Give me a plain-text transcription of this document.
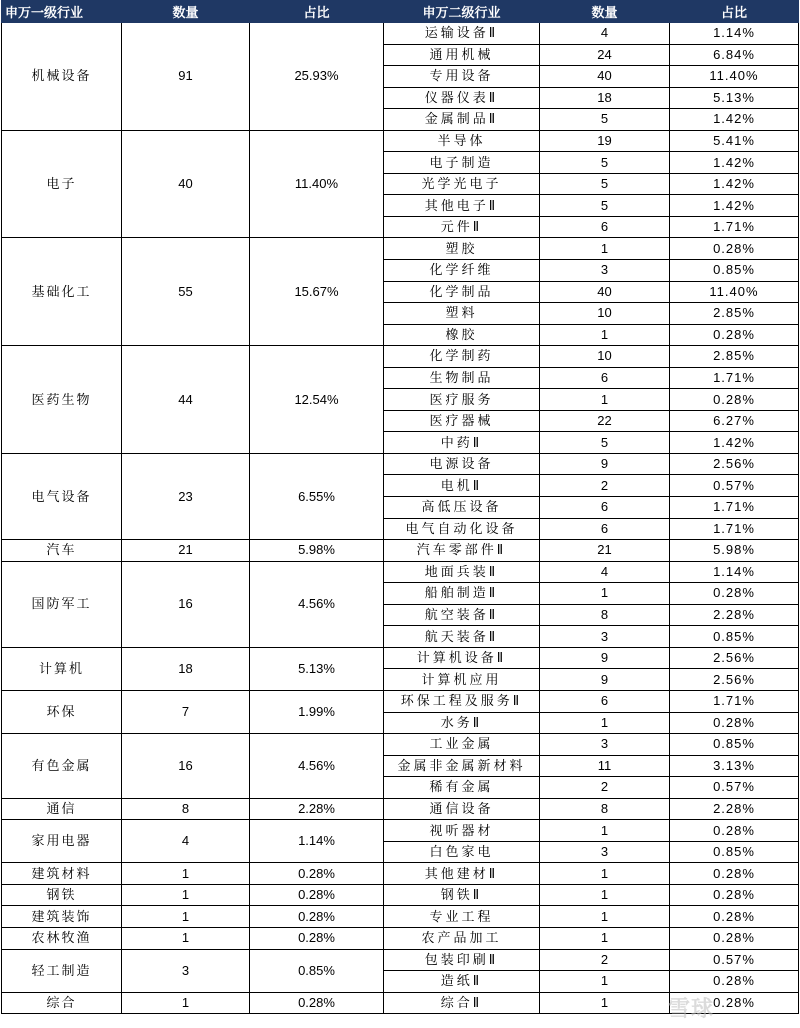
申万一级行业	数量	占比	申万二级行业	数量	占比
机械设备	91	25.93%	运输设备Ⅱ	4	1.14%
			通用机械	24	6.84%
			专用设备	40	11.40%
			仪器仪表Ⅱ	18	5.13%
			金属制品Ⅱ	5	1.42%
电子	40	11.40%	半导体	19	5.41%
			电子制造	5	1.42%
			光学光电子	5	1.42%
			其他电子Ⅱ	5	1.42%
			元件Ⅱ	6	1.71%
基础化工	55	15.67%	塑胶	1	0.28%
			化学纤维	3	0.85%
			化学制品	40	11.40%
			塑料	10	2.85%
			橡胶	1	0.28%
医药生物	44	12.54%	化学制药	10	2.85%
			生物制品	6	1.71%
			医疗服务	1	0.28%
			医疗器械	22	6.27%
			中药Ⅱ	5	1.42%
电气设备	23	6.55%	电源设备	9	2.56%
			电机Ⅱ	2	0.57%
			高低压设备	6	1.71%
			电气自动化设备	6	1.71%
汽车	21	5.98%	汽车零部件Ⅱ	21	5.98%
国防军工	16	4.56%	地面兵装Ⅱ	4	1.14%
			船舶制造Ⅱ	1	0.28%
			航空装备Ⅱ	8	2.28%
			航天装备Ⅱ	3	0.85%
计算机	18	5.13%	计算机设备Ⅱ	9	2.56%
			计算机应用	9	2.56%
环保	7	1.99%	环保工程及服务Ⅱ	6	1.71%
			水务Ⅱ	1	0.28%
有色金属	16	4.56%	工业金属	3	0.85%
			金属非金属新材料	11	3.13%
			稀有金属	2	0.57%
通信	8	2.28%	通信设备	8	2.28%
家用电器	4	1.14%	视听器材	1	0.28%
			白色家电	3	0.85%
建筑材料	1	0.28%	其他建材Ⅱ	1	0.28%
钢铁	1	0.28%	钢铁Ⅱ	1	0.28%
建筑装饰	1	0.28%	专业工程	1	0.28%
农林牧渔	1	0.28%	农产品加工	1	0.28%
轻工制造	3	0.85%	包装印刷Ⅱ	2	0.57%
			造纸Ⅱ	1	0.28%
综合	1	0.28%	综合Ⅱ	1	0.28%
雪球
